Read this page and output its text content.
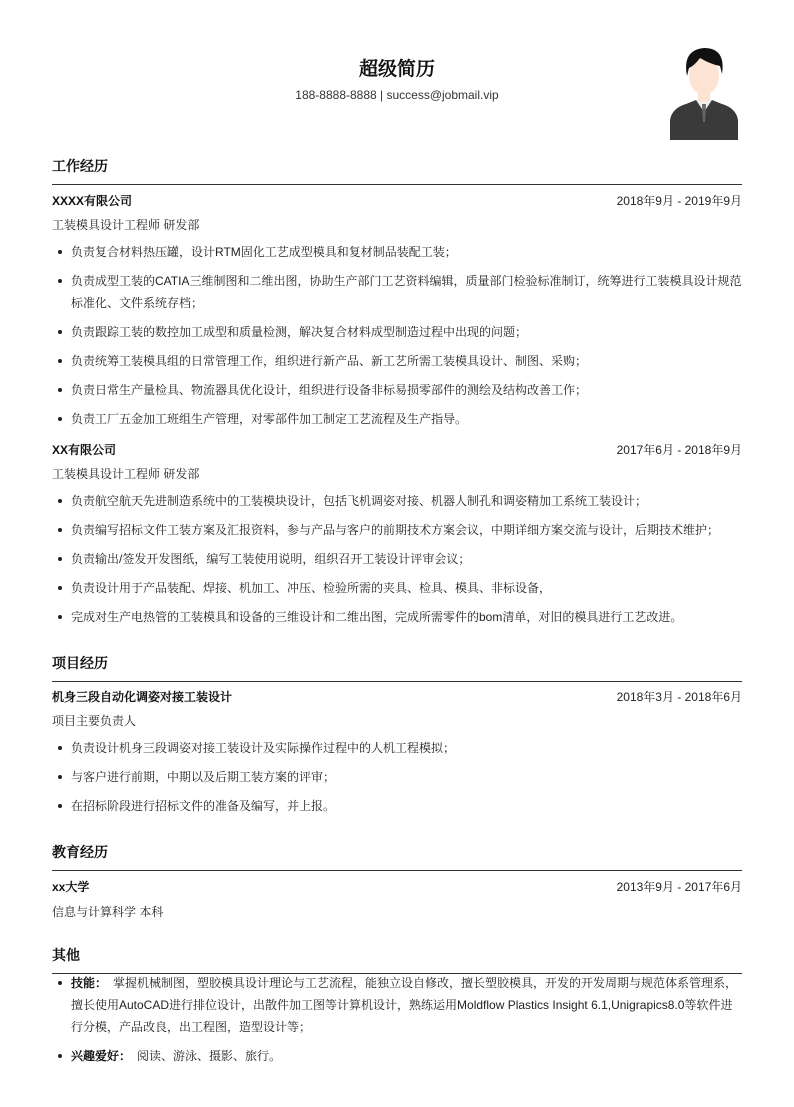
超级简历
188-8888-8888 | success@jobmail.vip
工作经历
XXXX有限公司	2018年9月 - 2019年9月
工装模具设计工程师 研发部
负责复合材料热压罐，设计RTM固化工艺成型模具和复材制品装配工装；
负责成型工装的CATIA三维制图和二维出图，协助生产部门工艺资料编辑，质量部门检验标准制订，统筹进行工装模具设计规范标准化、文件系统存档；
负责跟踪工装的数控加工成型和质量检测，解决复合材料成型制造过程中出现的问题；
负责统筹工装模具组的日常管理工作，组织进行新产品、新工艺所需工装模具设计、制图、采购；
负责日常生产量检具、物流器具优化设计，组织进行设备非标易损零部件的测绘及结构改善工作；
负责工厂五金加工班组生产管理，对零部件加工制定工艺流程及生产指导。
XX有限公司	2017年6月 - 2018年9月
工装模具设计工程师 研发部
负责航空航天先进制造系统中的工装模块设计，包括飞机调姿对接、机器人制孔和调姿精加工系统工装设计；
负责编写招标文件工装方案及汇报资料，参与产品与客户的前期技术方案会议，中期详细方案交流与设计，后期技术维护；
负责输出/签发开发图纸，编写工装使用说明，组织召开工装设计评审会议；
负责设计用于产品装配、焊接、机加工、冲压、检验所需的夹具、检具、模具、非标设备，
完成对生产电热管的工装模具和设备的三维设计和二维出图，完成所需零件的bom清单，对旧的模具进行工艺改进。
项目经历
机身三段自动化调姿对接工装设计	2018年3月 - 2018年6月
项目主要负责人
负责设计机身三段调姿对接工装设计及实际操作过程中的人机工程模拟；
与客户进行前期，中期以及后期工装方案的评审；
在招标阶段进行招标文件的准备及编写，并上报。
教育经历
xx大学	2013年9月 - 2017年6月
信息与计算科学 本科
其他
技能： 掌握机械制图，塑胶模具设计理论与工艺流程，能独立设自修改，擅长塑胶模具，开发的开发周期与规范体系管理系，擅长使用AutoCAD进行排位设计，出散件加工图等计算机设计，熟练运用Moldflow Plastics Insight 6.1,Unigrapics8.0等软件进行分模，产品改良，出工程图，造型设计等；
兴趣爱好： 阅读、游泳、摄影、旅行。
